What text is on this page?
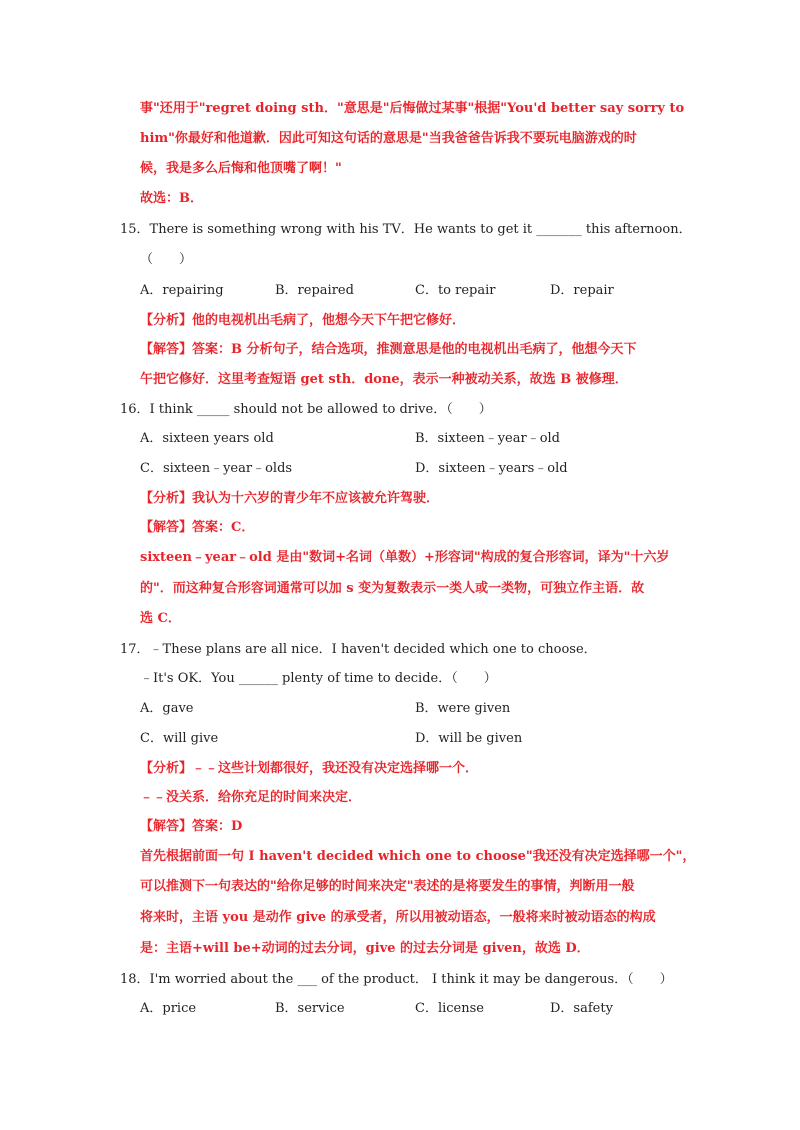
事"还用于"regret doing sth．"意思是"后悔做过某事"根据"You'd better say sorry to
him"你最好和他道歉．因此可知这句话的意思是"当我爸爸告诉我不要玩电脑游戏的时
候，我是多么后悔和他顶嘴了啊！"
故选：B．
15．There is something wrong with his TV．He wants to get it _______ this afternoon．
（　　）
A．repairing	B．repaired	C．to repair	D．repair
【分析】他的电视机出毛病了，他想今天下午把它修好．
【解答】答案：B 分析句子，结合选项，推测意思是他的电视机出毛病了，他想今天下
午把它修好．这里考查短语 get sth．done，表示一种被动关系，故选 B 被修理．
16．I think _____ should not be allowed to drive．（　　）
A．sixteen years old	B．sixteen﹣year﹣old
C．sixteen﹣year﹣olds	D．sixteen﹣years﹣old
【分析】我认为十六岁的青少年不应该被允许驾驶．
【解答】答案：C．
sixteen﹣year﹣old 是由"数词+名词（单数）+形容词"构成的复合形容词，译为"十六岁
的"．而这种复合形容词通常可以加 s 变为复数表示一类人或一类物，可独立作主语．故
选 C．
17．﹣These plans are all nice．I haven't decided which one to choose．
﹣It's OK．You ______ plenty of time to decide．（　　）
A．gave	B．were given
C．will give	D．will be given
【分析】﹣﹣这些计划都很好，我还没有决定选择哪一个．
﹣﹣没关系．给你充足的时间来决定．
【解答】答案：D
首先根据前面一句 I haven't decided which one to choose"我还没有决定选择哪一个"，
可以推测下一句表达的"给你足够的时间来决定"表述的是将要发生的事情，判断用一般
将来时，主语 you 是动作 give 的承受者，所以用被动语态，一般将来时被动语态的构成
是：主语+will be+动词的过去分词，give 的过去分词是 given，故选 D．
18．I'm worried about the ___ of the product． I think it may be dangerous．（　　）
A．price	B．service	C．license	D．safety
